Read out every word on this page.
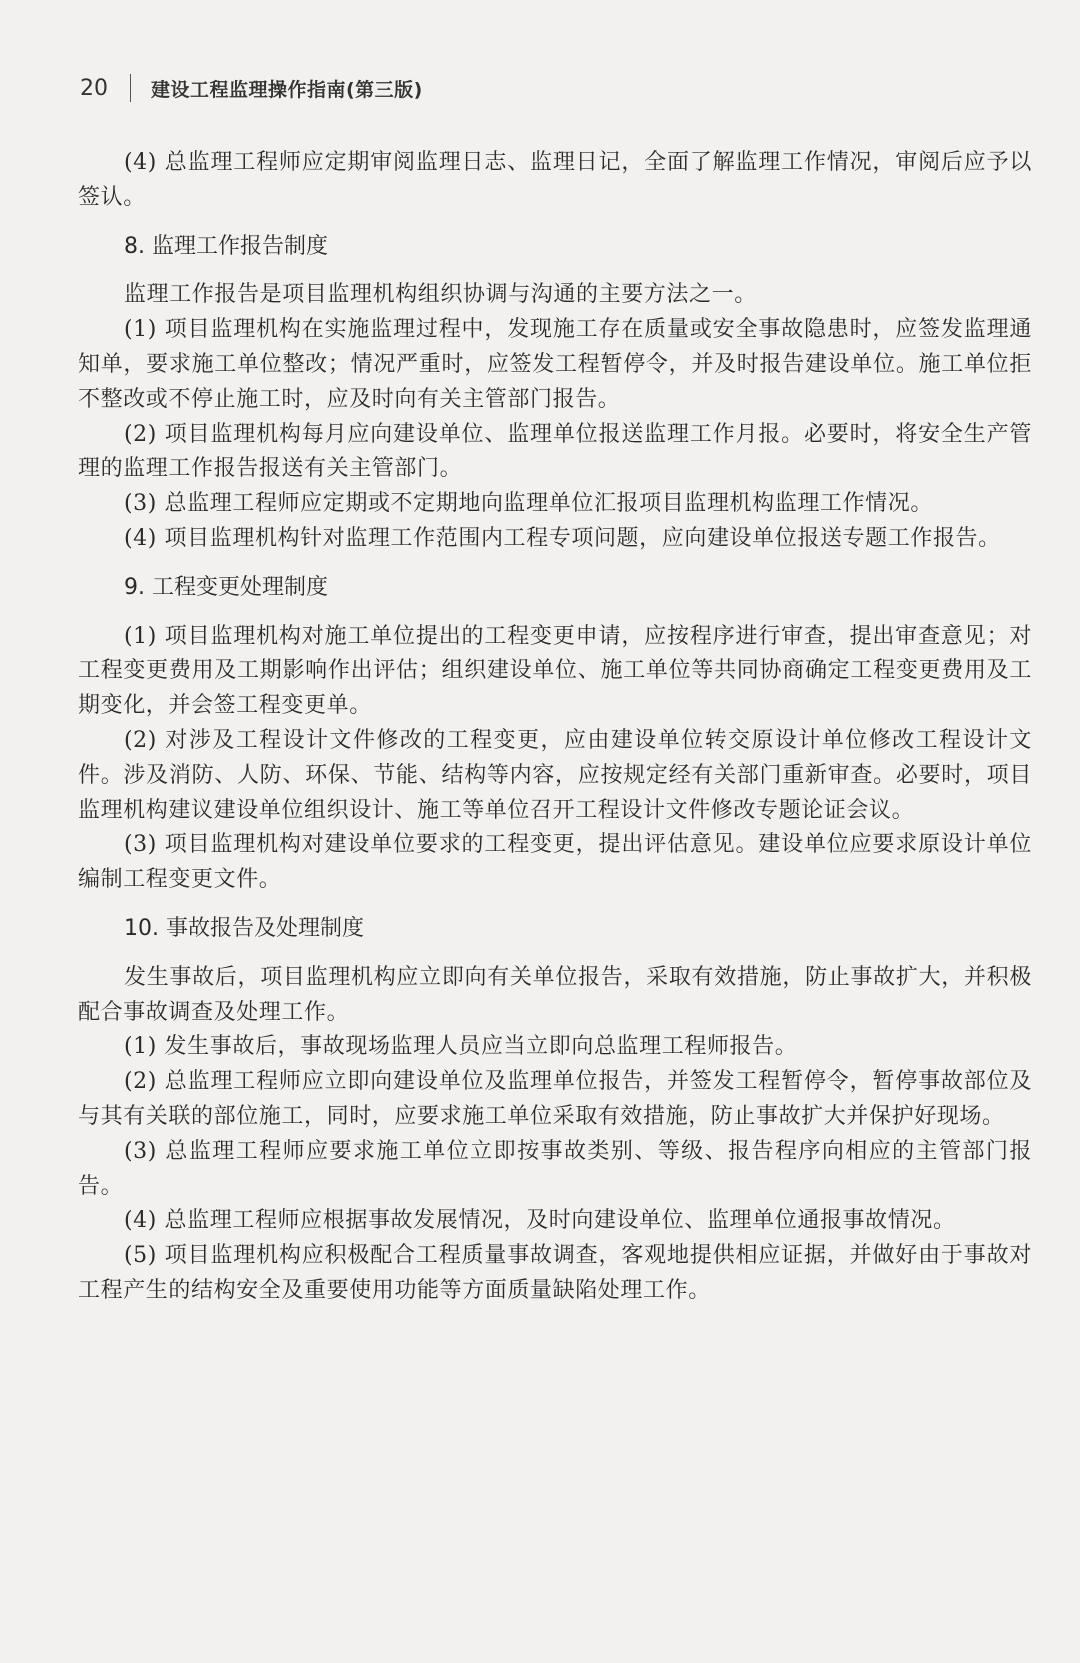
20 建设工程监理操作指南(第三版)

(4) 总监理工程师应定期审阅监理日志、监理日记，全面了解监理工作情况，审阅后应予以签认。

8. 监理工作报告制度

监理工作报告是项目监理机构组织协调与沟通的主要方法之一。

(1) 项目监理机构在实施监理过程中，发现施工存在质量或安全事故隐患时，应签发监理通知单，要求施工单位整改；情况严重时，应签发工程暂停令，并及时报告建设单位。施工单位拒不整改或不停止施工时，应及时向有关主管部门报告。

(2) 项目监理机构每月应向建设单位、监理单位报送监理工作月报。必要时，将安全生产管理的监理工作报告报送有关主管部门。

(3) 总监理工程师应定期或不定期地向监理单位汇报项目监理机构监理工作情况。

(4) 项目监理机构针对监理工作范围内工程专项问题，应向建设单位报送专题工作报告。

9. 工程变更处理制度

(1) 项目监理机构对施工单位提出的工程变更申请，应按程序进行审查，提出审查意见；对工程变更费用及工期影响作出评估；组织建设单位、施工单位等共同协商确定工程变更费用及工期变化，并会签工程变更单。

(2) 对涉及工程设计文件修改的工程变更，应由建设单位转交原设计单位修改工程设计文件。涉及消防、人防、环保、节能、结构等内容，应按规定经有关部门重新审查。必要时，项目监理机构建议建设单位组织设计、施工等单位召开工程设计文件修改专题论证会议。

(3) 项目监理机构对建设单位要求的工程变更，提出评估意见。建设单位应要求原设计单位编制工程变更文件。

10. 事故报告及处理制度

发生事故后，项目监理机构应立即向有关单位报告，采取有效措施，防止事故扩大，并积极配合事故调查及处理工作。

(1) 发生事故后，事故现场监理人员应当立即向总监理工程师报告。

(2) 总监理工程师应立即向建设单位及监理单位报告，并签发工程暂停令，暂停事故部位及与其有关联的部位施工，同时，应要求施工单位采取有效措施，防止事故扩大并保护好现场。

(3) 总监理工程师应要求施工单位立即按事故类别、等级、报告程序向相应的主管部门报告。

(4) 总监理工程师应根据事故发展情况，及时向建设单位、监理单位通报事故情况。

(5) 项目监理机构应积极配合工程质量事故调查，客观地提供相应证据，并做好由于事故对工程产生的结构安全及重要使用功能等方面质量缺陷处理工作。
